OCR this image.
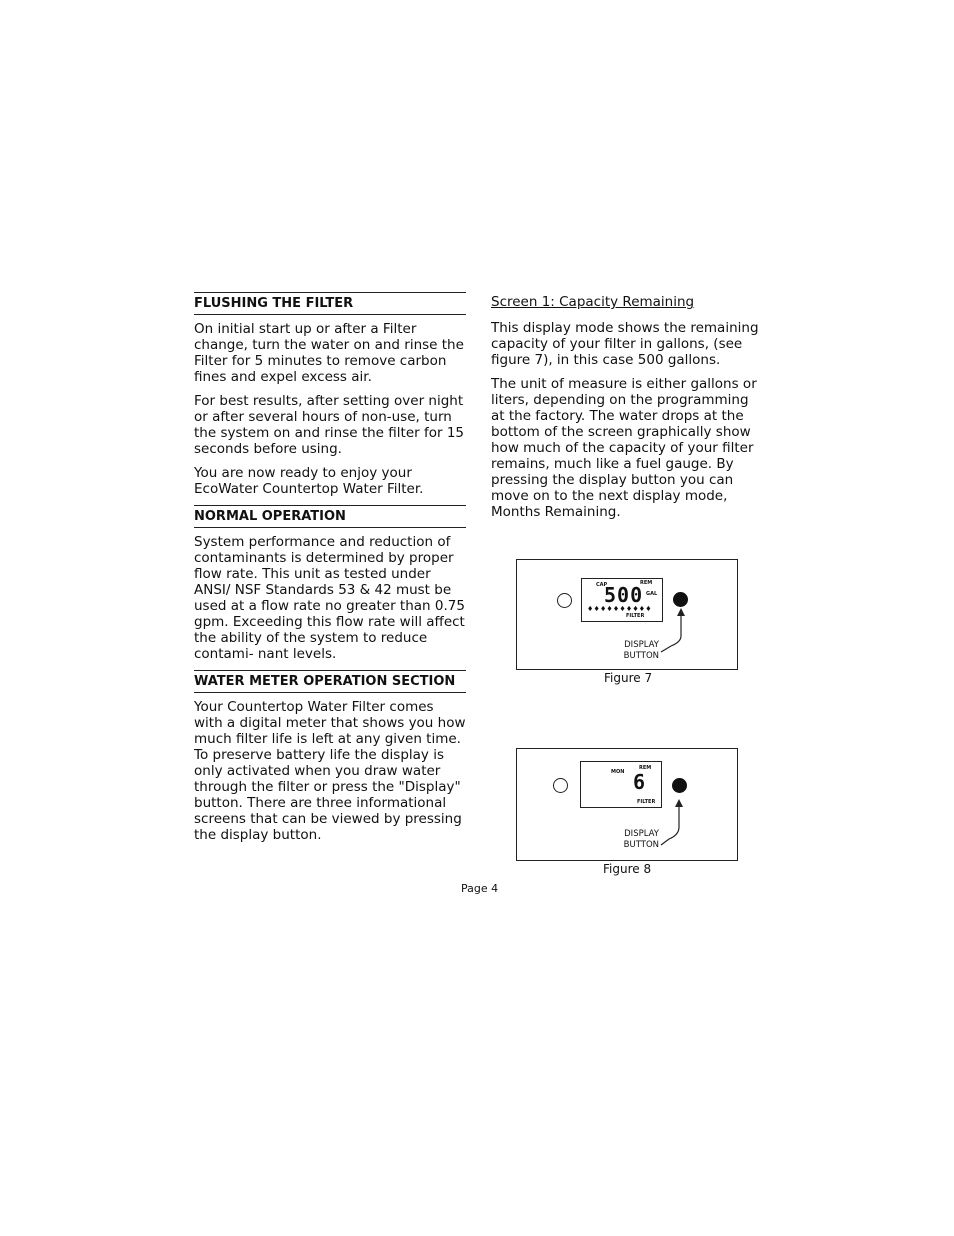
FLUSHING THE FILTER

On initial start up or after a Filter change, turn the water on and rinse the Filter for 5 minutes to remove carbon fines and expel excess air.

For best results, after setting over night or after several hours of non-use, turn the system on and rinse the filter for 15 seconds before using.

You are now ready to enjoy your EcoWater Countertop Water Filter.

NORMAL OPERATION

System performance and reduction of contaminants is determined by proper flow rate. This unit as tested under ANSI/ NSF Standards 53 & 42 must be used at a flow rate no greater than 0.75 gpm. Exceeding this flow rate will affect the ability of the system to reduce contami- nant levels.

WATER METER OPERATION SECTION

Your Countertop Water Filter comes with a digital meter that shows you how much filter life is left at any given time. To preserve battery life the display is only activated when you draw water through the filter or press the "Display" button. There are three informational screens that can be viewed by pressing the display button.

Screen 1: Capacity Remaining

This display mode shows the remaining capacity of your filter in gallons, (see figure 7), in this case 500 gallons.

The unit of measure is either gallons or liters, depending on the programming at the factory. The water drops at the bottom of the screen graphically show how much of the capacity of your filter remains, much like a fuel gauge. By pressing the display button you can move on to the next display mode, Months Remaining.

CAP	REM
500 GAL
♦♦♦♦♦♦♦♦♦♦
FILTER
DISPLAY
BUTTON
Figure 7
MON
REM
6
FILTER
DISPLAY
BUTTON
Figure 8
Page 4
